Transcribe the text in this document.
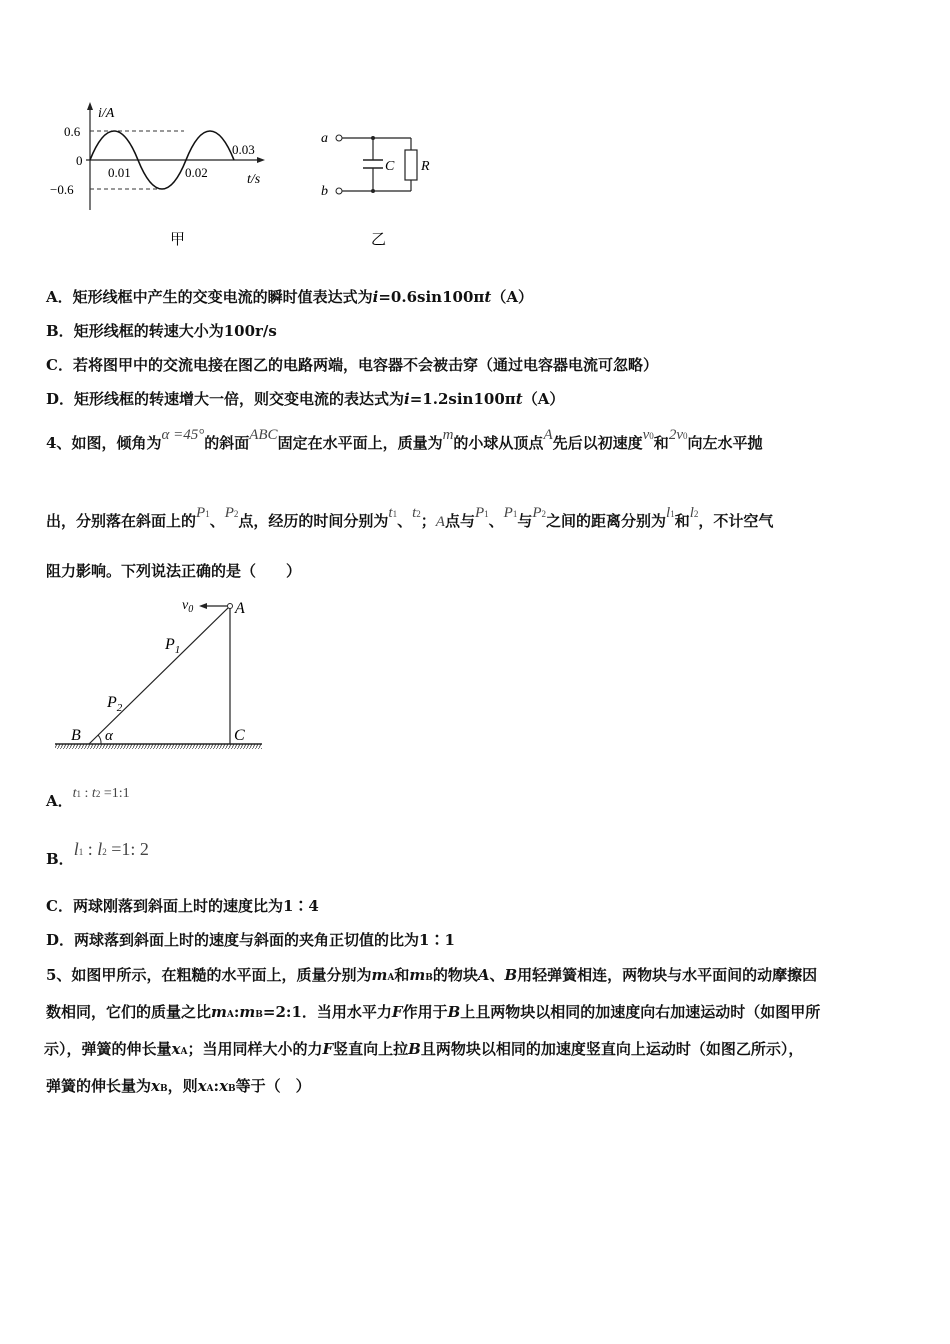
i/A
0.6
0
−0.6
0.01	0.02
0.03
t/s
甲
a
b
C R
乙
A．矩形线框中产生的交变电流的瞬时值表达式为i=0.6sin100πt（A）
B．矩形线框的转速大小为100r/s
C．若将图甲中的交流电接在图乙的电路两端，电容器不会被击穿（通过电容器电流可忽略）
D．矩形线框的转速增大一倍，则交变电流的表达式为i=1.2sin100πt（A）
4、如图，倾角为α =45°的斜面ABC固定在水平面上，质量为m的小球从顶点A先后以初速度v0和2v0向左水平抛
出，分别落在斜面上的P1、P2点，经历的时间分别为t1、t2；A点与P1、P1与P2之间的距离分别为l1和l2，不计空气
阻力影响。下列说法正确的是（　　）
$v_0$	A
$P_1$
$P_2$
B α	C
A．t1 : t2 =1:1
B．l1 : l2 =1: 2
C．两球刚落到斜面上时的速度比为1∶4
D．两球落到斜面上时的速度与斜面的夹角正切值的比为1∶1
5、如图甲所示，在粗糙的水平面上，质量分别为mA和mB的物块A、B用轻弹簧相连，两物块与水平面间的动摩擦因
数相同，它们的质量之比mA:mB=2:1．当用水平力F作用于B上且两物块以相同的加速度向右加速运动时（如图甲所
示），弹簧的伸长量xA；当用同样大小的力F竖直向上拉B且两物块以相同的加速度竖直向上运动时（如图乙所示），
弹簧的伸长量为xB，则xA:xB等于（　）
